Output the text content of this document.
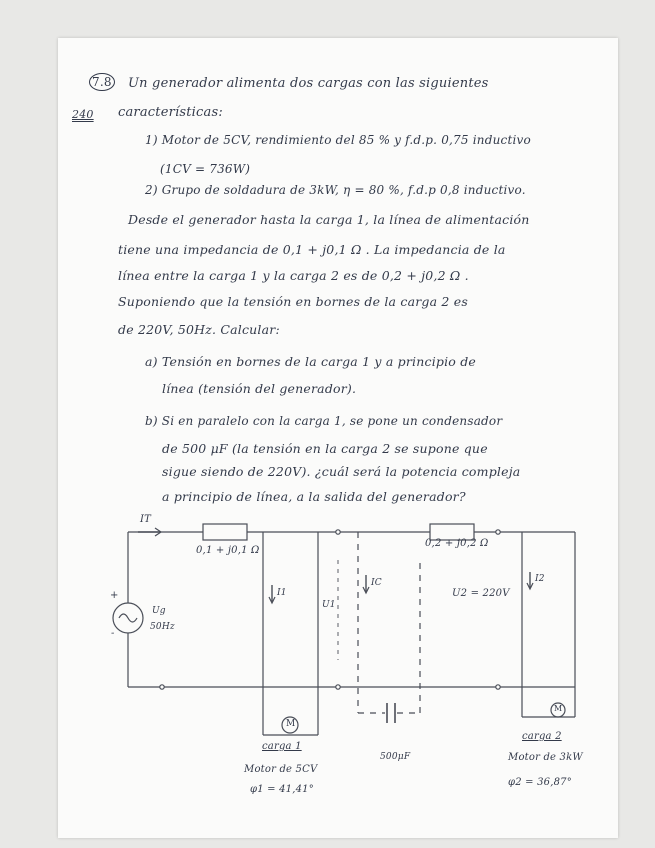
7.8 Un generador alimenta dos cargas con las siguientes
240 características:
1) Motor de 5CV, rendimiento del 85 % y f.d.p. 0,75 inductivo
(1CV = 736W)
2) Grupo de soldadura de 3kW, η = 80 %, f.d.p 0,8 inductivo.
Desde el generador hasta la carga 1, la línea de alimentación
tiene una impedancia de 0,1 + j0,1 Ω . La impedancia de la
línea entre la carga 1 y la carga 2 es de 0,2 + j0,2 Ω .
Suponiendo que la tensión en bornes de la carga 2 es
de 220V, 50Hz. Calcular:
a) Tensión en bornes de la carga 1 y a principio de
línea (tensión del generador).
b) Si en paralelo con la carga 1, se pone un condensador
de 500 μF (la tensión en la carga 2 se supone que
sigue siendo de 220V). ¿cuál será la potencia compleja
a principio de línea, a la salida del generador?
IT
0,1 + j0,1 Ω
0,2 + j0,2 Ω
I1
U1
IC
U2 = 220V
I2
+
-
Ug
50Hz
M
M
carga 1
Motor de 5CV
φ1 = 41,41°
500μF
carga 2
Motor de 3kW
φ2 = 36,87°
